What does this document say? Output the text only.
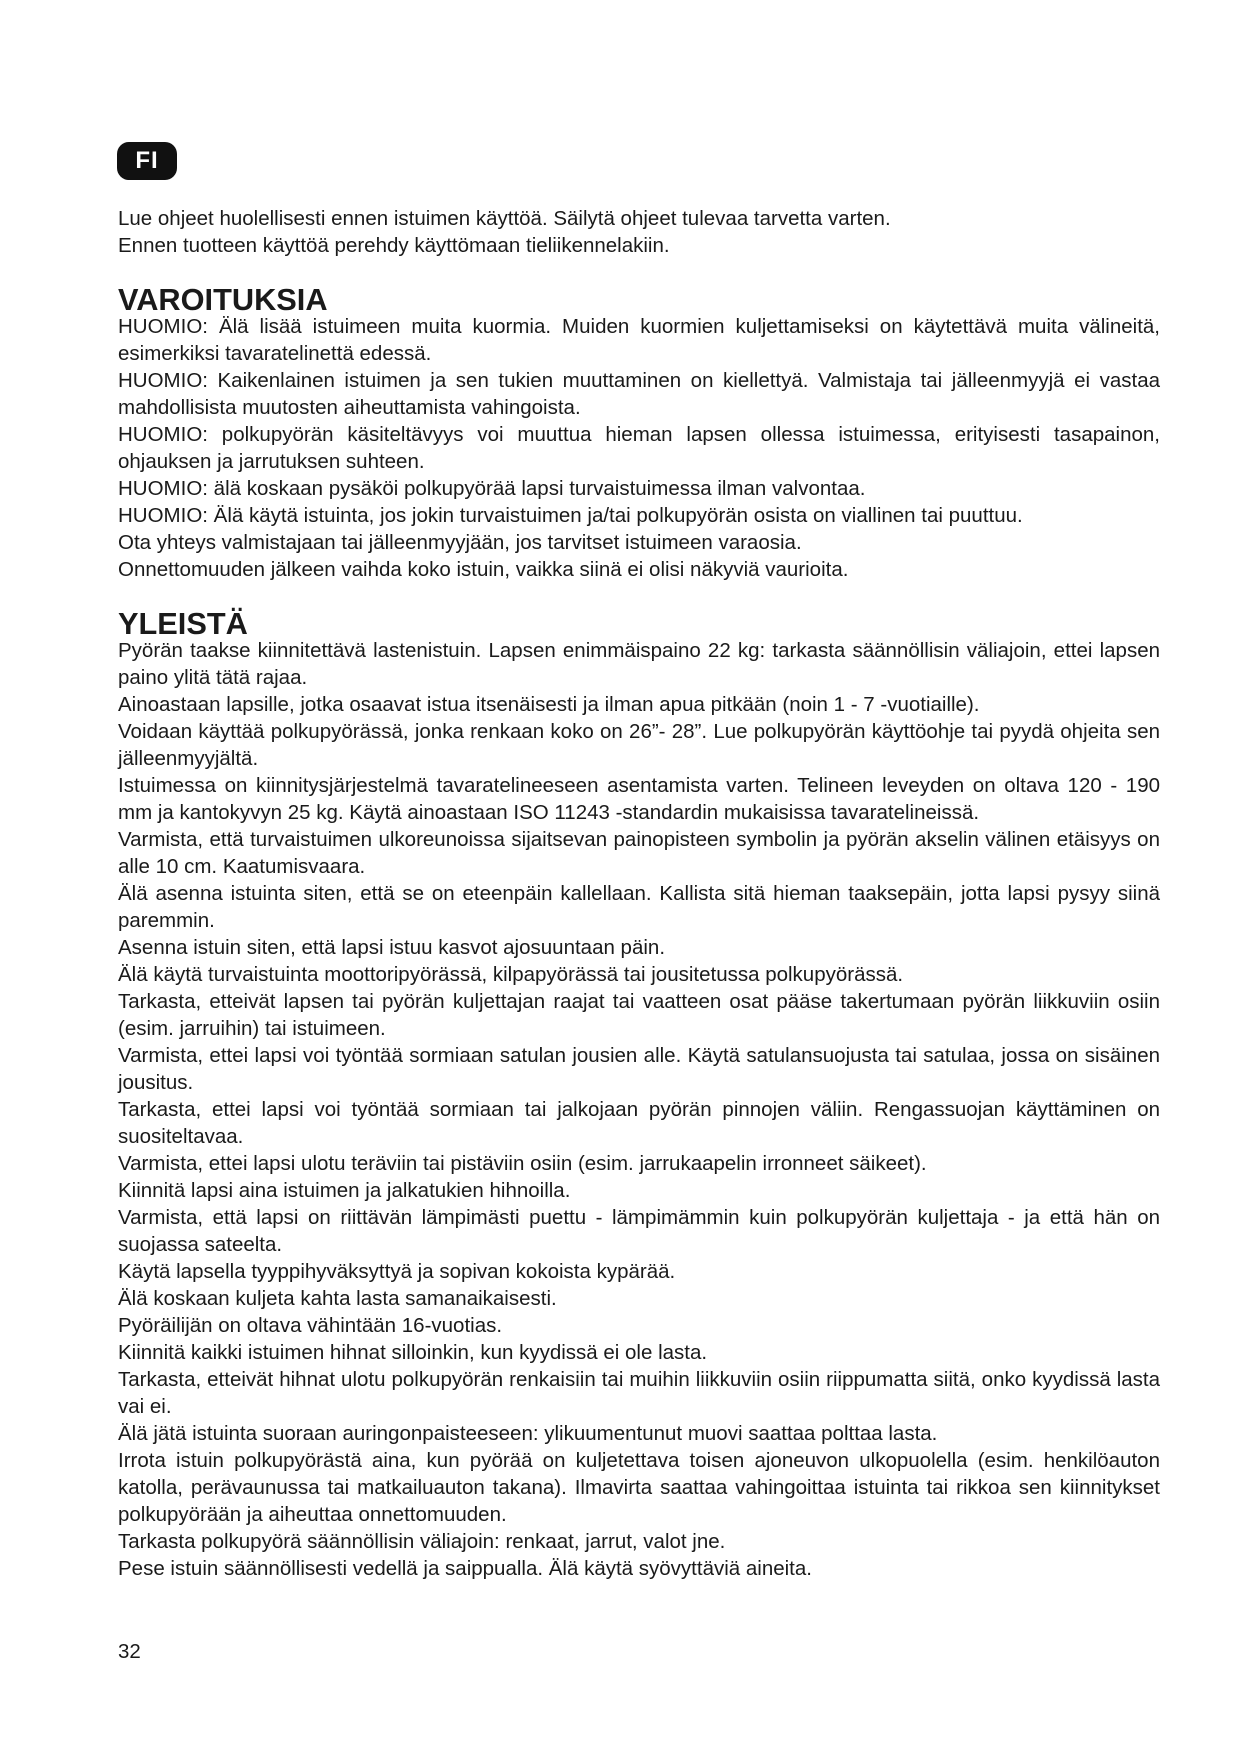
FI

Lue ohjeet huolellisesti ennen istuimen käyttöä. Säilytä ohjeet tulevaa tarvetta varten.

Ennen tuotteen käyttöä perehdy käyttömaan tieliikennelakiin.

VAROITUKSIA

HUOMIO: Älä lisää istuimeen muita kuormia. Muiden kuormien kuljettamiseksi on käytettävä muita välineitä, esimerkiksi tavaratelinettä edessä.

HUOMIO: Kaikenlainen istuimen ja sen tukien muuttaminen on kiellettyä. Valmistaja tai jälleenmyyjä ei vastaa mahdollisista muutosten aiheuttamista vahingoista.

HUOMIO: polkupyörän käsiteltävyys voi muuttua hieman lapsen ollessa istuimessa, erityisesti tasapainon, ohjauksen ja jarrutuksen suhteen.

HUOMIO: älä koskaan pysäköi polkupyörää lapsi turvaistuimessa ilman valvontaa.

HUOMIO: Älä käytä istuinta, jos jokin turvaistuimen ja/tai polkupyörän osista on viallinen tai puuttuu.

Ota yhteys valmistajaan tai jälleenmyyjään, jos tarvitset istuimeen varaosia.

Onnettomuuden jälkeen vaihda koko istuin, vaikka siinä ei olisi näkyviä vaurioita.

YLEISTÄ

Pyörän taakse kiinnitettävä lastenistuin. Lapsen enimmäispaino 22 kg: tarkasta säännöllisin väliajoin, ettei lapsen paino ylitä tätä rajaa.

Ainoastaan lapsille, jotka osaavat istua itsenäisesti ja ilman apua pitkään (noin 1 - 7 -vuotiaille).

Voidaan käyttää polkupyörässä, jonka renkaan koko on 26”- 28”. Lue polkupyörän käyttöohje tai pyydä ohjeita sen jälleenmyyjältä.

Istuimessa on kiinnitysjärjestelmä tavaratelineeseen asentamista varten. Telineen leveyden on oltava 120 - 190 mm ja kantokyvyn 25 kg. Käytä ainoastaan ISO 11243 -standardin mukaisissa tavaratelineissä.

Varmista, että turvaistuimen ulkoreunoissa sijaitsevan painopisteen symbolin ja pyörän akselin välinen etäisyys on alle 10 cm. Kaatumisvaara.

Älä asenna istuinta siten, että se on eteenpäin kallellaan. Kallista sitä hieman taaksepäin, jotta lapsi pysyy siinä paremmin.

Asenna istuin siten, että lapsi istuu kasvot ajosuuntaan päin.

Älä käytä turvaistuinta moottoripyörässä, kilpapyörässä tai jousitetussa polkupyörässä.

Tarkasta, etteivät lapsen tai pyörän kuljettajan raajat tai vaatteen osat pääse takertumaan pyörän liikkuviin osiin (esim. jarruihin) tai istuimeen.

Varmista, ettei lapsi voi työntää sormiaan satulan jousien alle. Käytä satulansuojusta tai satulaa, jossa on sisäinen jousitus.

Tarkasta, ettei lapsi voi työntää sormiaan tai jalkojaan pyörän pinnojen väliin. Rengassuojan käyttäminen on suositeltavaa.

Varmista, ettei lapsi ulotu teräviin tai pistäviin osiin (esim. jarrukaapelin irronneet säikeet).

Kiinnitä lapsi aina istuimen ja jalkatukien hihnoilla.

Varmista, että lapsi on riittävän lämpimästi puettu - lämpimämmin kuin polkupyörän kuljettaja - ja että hän on suojassa sateelta.

Käytä lapsella tyyppihyväksyttyä ja sopivan kokoista kypärää.

Älä koskaan kuljeta kahta lasta samanaikaisesti.

Pyöräilijän on oltava vähintään 16-vuotias.

Kiinnitä kaikki istuimen hihnat silloinkin, kun kyydissä ei ole lasta.

Tarkasta, etteivät hihnat ulotu polkupyörän renkaisiin tai muihin liikkuviin osiin riippumatta siitä, onko kyydissä lasta vai ei.

Älä jätä istuinta suoraan auringonpaisteeseen: ylikuumentunut muovi saattaa polttaa lasta.

Irrota istuin polkupyörästä aina, kun pyörää on kuljetettava toisen ajoneuvon ulkopuolella (esim. henkilöauton katolla, perävaunussa tai matkailuauton takana). Ilmavirta saattaa vahingoittaa istuinta tai rikkoa sen kiinnitykset polkupyörään ja aiheuttaa onnettomuuden.

Tarkasta polkupyörä säännöllisin väliajoin: renkaat, jarrut, valot jne.

Pese istuin säännöllisesti vedellä ja saippualla. Älä käytä syövyttäviä aineita.

32
